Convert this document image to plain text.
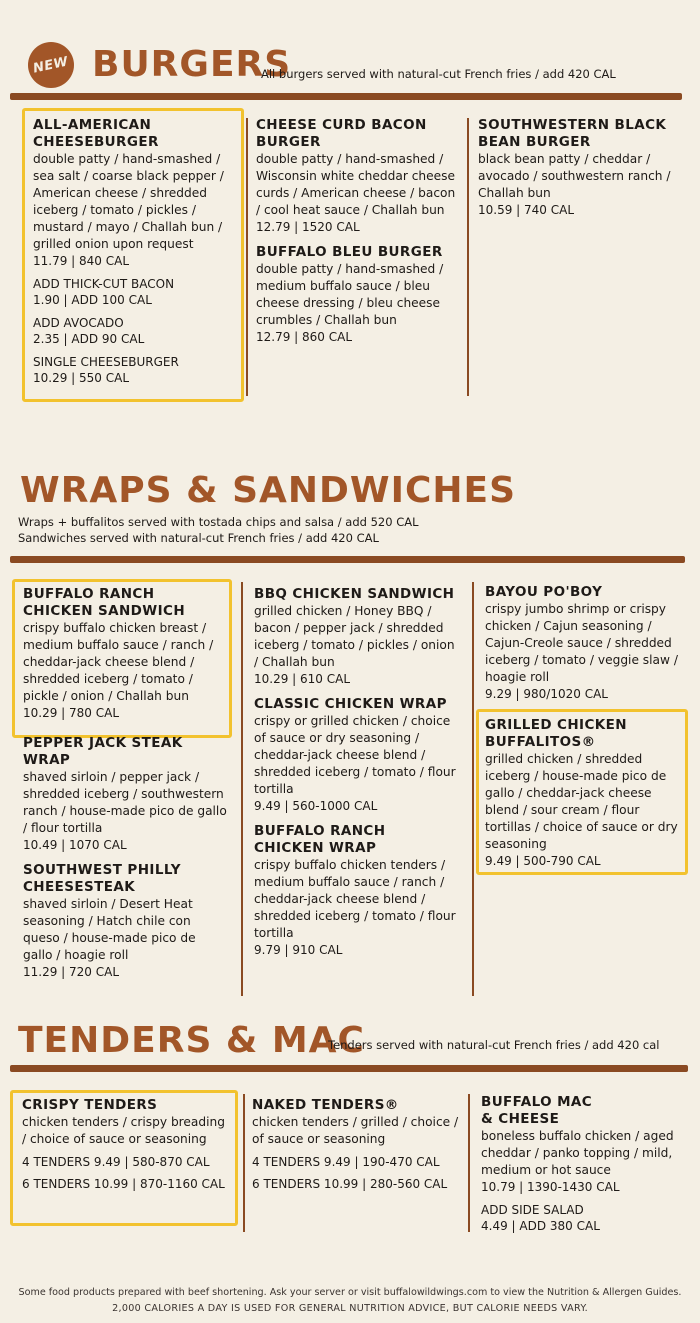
NEW BURGERS
All burgers served with natural-cut French fries / add 420 CAL
ALL-AMERICAN CHEESEBURGER
double patty / hand-smashed / sea salt / coarse black pepper / American cheese / shredded iceberg / tomato / pickles / mustard / mayo / Challah bun / grilled onion upon request
11.79 | 840 CAL
ADD THICK-CUT BACON
1.90 | ADD 100 CAL
ADD AVOCADO
2.35 | ADD 90 CAL
SINGLE CHEESEBURGER
10.29 | 550 CAL
CHEESE CURD BACON BURGER
double patty / hand-smashed / Wisconsin white cheddar cheese curds / American cheese / bacon / cool heat sauce / Challah bun
12.79 | 1520 CAL
BUFFALO BLEU BURGER
double patty / hand-smashed / medium buffalo sauce / bleu cheese dressing / bleu cheese crumbles / Challah bun
12.79 | 860 CAL
SOUTHWESTERN BLACK BEAN BURGER
black bean patty / cheddar / avocado / southwestern ranch / Challah bun
10.59 | 740 CAL
WRAPS & SANDWICHES
Wraps + buffalitos served with tostada chips and salsa / add 520 CAL
Sandwiches served with natural-cut French fries / add 420 CAL
BUFFALO RANCH CHICKEN SANDWICH
crispy buffalo chicken breast / medium buffalo sauce / ranch / cheddar-jack cheese blend / shredded iceberg / tomato / pickle / onion / Challah bun
10.29 | 780 CAL
PEPPER JACK STEAK WRAP
shaved sirloin / pepper jack / shredded iceberg / southwestern ranch / house-made pico de gallo / flour tortilla
10.49 | 1070 CAL
SOUTHWEST PHILLY CHEESESTEAK
shaved sirloin / Desert Heat seasoning / Hatch chile con queso / house-made pico de gallo / hoagie roll
11.29 | 720 CAL
BBQ CHICKEN SANDWICH
grilled chicken / Honey BBQ / bacon / pepper jack / shredded iceberg / tomato / pickles / onion / Challah bun
10.29 | 610 CAL
CLASSIC CHICKEN WRAP
crispy or grilled chicken / choice of sauce or dry seasoning / cheddar-jack cheese blend / shredded iceberg / tomato / flour tortilla
9.49 | 560-1000 CAL
BUFFALO RANCH CHICKEN WRAP
crispy buffalo chicken tenders / medium buffalo sauce / ranch / cheddar-jack cheese blend / shredded iceberg / tomato / flour tortilla
9.79 | 910 CAL
BAYOU PO'BOY
crispy jumbo shrimp or crispy chicken / Cajun seasoning / Cajun-Creole sauce / shredded iceberg / tomato / veggie slaw / hoagie roll
9.29 | 980/1020 CAL
GRILLED CHICKEN BUFFALITOS®
grilled chicken / shredded iceberg / house-made pico de gallo / cheddar-jack cheese blend / sour cream / flour tortillas / choice of sauce or dry seasoning
9.49 | 500-790 CAL
TENDERS & MAC
Tenders served with natural-cut French fries / add 420 cal
CRISPY TENDERS
chicken tenders / crispy breading / choice of sauce or seasoning
4 TENDERS 9.49 | 580-870 CAL
6 TENDERS 10.99 | 870-1160 CAL
NAKED TENDERS®
chicken tenders / grilled / choice / of sauce or seasoning
4 TENDERS 9.49 | 190-470 CAL
6 TENDERS 10.99 | 280-560 CAL
BUFFALO MAC & CHEESE
boneless buffalo chicken / aged cheddar / panko topping / mild, medium or hot sauce
10.79 | 1390-1430 CAL
ADD SIDE SALAD
4.49 | ADD 380 CAL
Some food products prepared with beef shortening. Ask your server or visit buffalowildwings.com to view the Nutrition & Allergen Guides.
2,000 CALORIES A DAY IS USED FOR GENERAL NUTRITION ADVICE, BUT CALORIE NEEDS VARY.
